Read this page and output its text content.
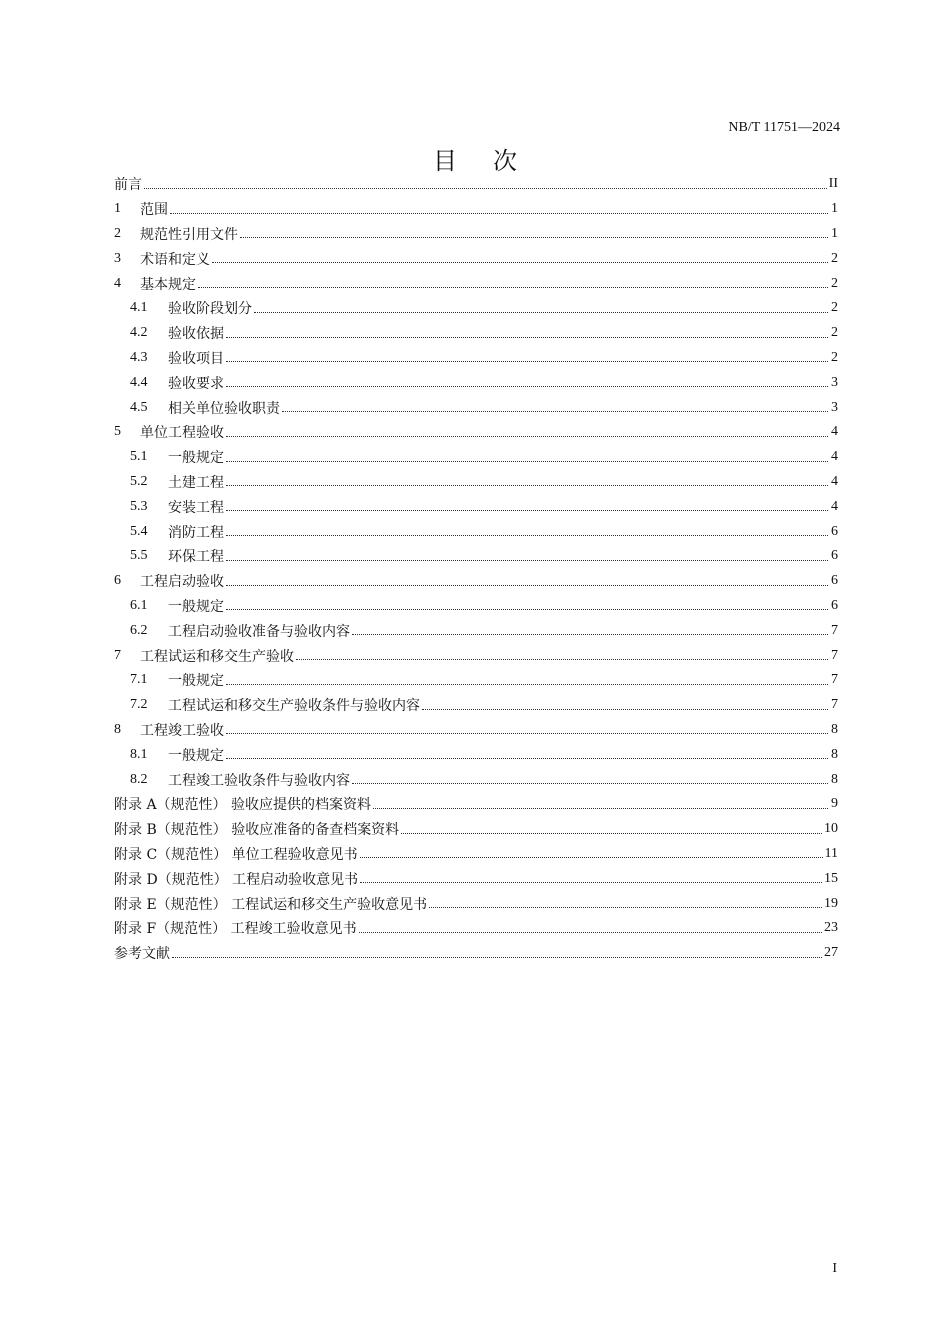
NB/T 11751—2024
目次
前言	II
1	范围	1
2	规范性引用文件	1
3	术语和定义	2
4	基本规定	2
4.1	验收阶段划分	2
4.2	验收依据	2
4.3	验收项目	2
4.4	验收要求	3
4.5	相关单位验收职责	3
5	单位工程验收	4
5.1	一般规定	4
5.2	土建工程	4
5.3	安装工程	4
5.4	消防工程	6
5.5	环保工程	6
6	工程启动验收	6
6.1	一般规定	6
6.2	工程启动验收准备与验收内容	7
7	工程试运和移交生产验收	7
7.1	一般规定	7
7.2	工程试运和移交生产验收条件与验收内容	7
8	工程竣工验收	8
8.1	一般规定	8
8.2	工程竣工验收条件与验收内容	8
附录 A（规范性） 验收应提供的档案资料	9
附录 B（规范性） 验收应准备的备查档案资料	10
附录 C（规范性） 单位工程验收意见书	11
附录 D（规范性） 工程启动验收意见书	15
附录 E（规范性） 工程试运和移交生产验收意见书	19
附录 F（规范性） 工程竣工验收意见书	23
参考文献	27
I
